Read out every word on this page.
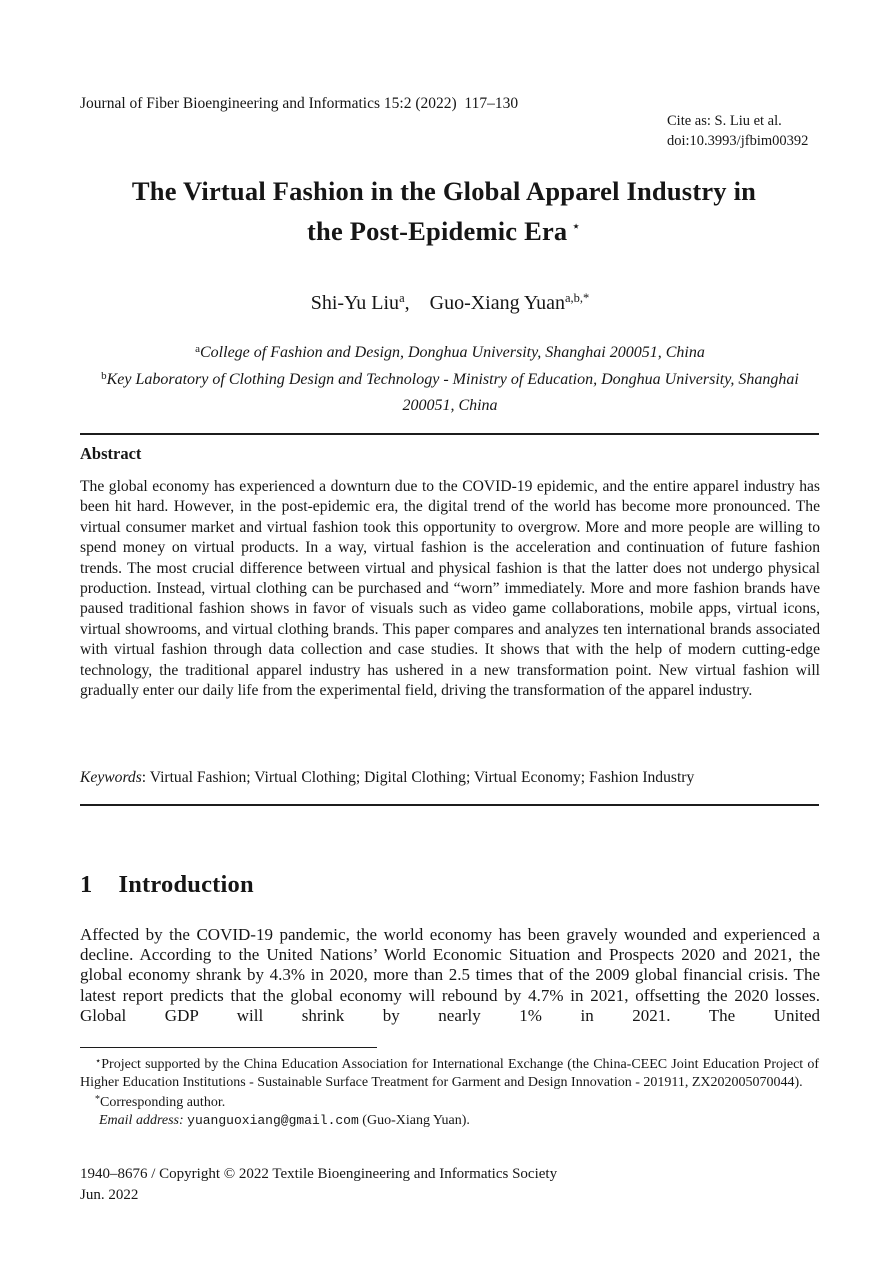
Journal of Fiber Bioengineering and Informatics 15:2 (2022)  117–130
Cite as: S. Liu et al.
doi:10.3993/jfbim00392
The Virtual Fashion in the Global Apparel Industry in
the Post-Epidemic Era ⋆
Shi-Yu Liu$^a$, Guo-Xiang Yuan$^{a,b,*}$
$^a$College of Fashion and Design, Donghua University, Shanghai 200051, China
$^b$Key Laboratory of Clothing Design and Technology - Ministry of Education, Donghua University, Shanghai 200051, China
Abstract
The global economy has experienced a downturn due to the COVID-19 epidemic, and the entire apparel industry has been hit hard. However, in the post-epidemic era, the digital trend of the world has become more pronounced. The virtual consumer market and virtual fashion took this opportunity to overgrow. More and more people are willing to spend money on virtual products. In a way, virtual fashion is the acceleration and continuation of future fashion trends. The most crucial difference between virtual and physical fashion is that the latter does not undergo physical production. Instead, virtual clothing can be purchased and “worn” immediately. More and more fashion brands have paused traditional fashion shows in favor of visuals such as video game collaborations, mobile apps, virtual icons, virtual showrooms, and virtual clothing brands. This paper compares and analyzes ten international brands associated with virtual fashion through data collection and case studies. It shows that with the help of modern cutting-edge technology, the traditional apparel industry has ushered in a new transformation point. New virtual fashion will gradually enter our daily life from the experimental field, driving the transformation of the apparel industry.
Keywords: Virtual Fashion; Virtual Clothing; Digital Clothing; Virtual Economy; Fashion Industry
1 Introduction
Affected by the COVID-19 pandemic, the world economy has been gravely wounded and experienced a decline. According to the United Nations’ World Economic Situation and Prospects 2020 and 2021, the global economy shrank by 4.3% in 2020, more than 2.5 times that of the 2009 global financial crisis. The latest report predicts that the global economy will rebound by 4.7% in 2021, offsetting the 2020 losses. Global GDP will shrink by nearly 1% in 2021. The United

⋆Project supported by the China Education Association for International Exchange (the China-CEEC Joint Education Project of Higher Education Institutions - Sustainable Surface Treatment for Garment and Design Innovation - 201911, ZX202005070044).

*Corresponding author.

Email address: yuanguoxiang@gmail.com (Guo-Xiang Yuan).

1940–8676 / Copyright © 2022 Textile Bioengineering and Informatics Society
Jun. 2022
